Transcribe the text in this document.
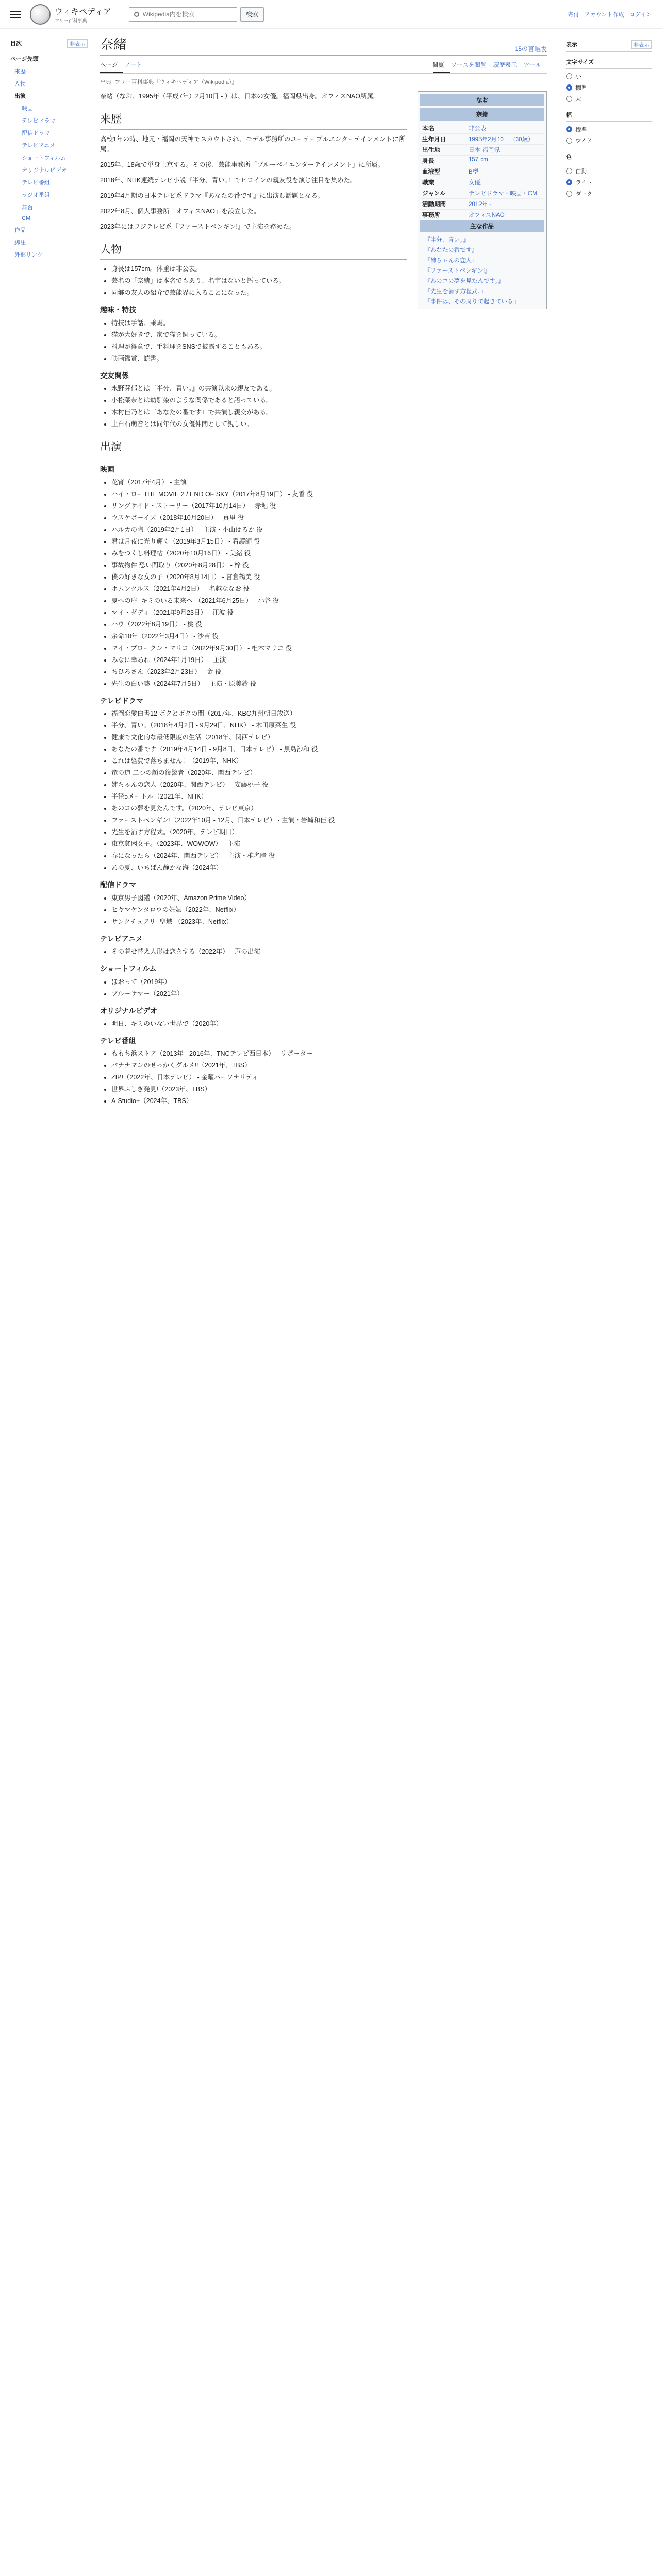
ウィキペディア
フリー百科事典
Wikipedia内を検索
検索	寄付 アカウント作成 ログイン
目次	非表示
ページ先頭
来歴
人物
出演
映画
テレビドラマ
配信ドラマ
テレビアニメ
ショートフィルム
オリジナルビデオ
テレビ番組
ラジオ番組
舞台
CM
作品
脚注
外部リンク
奈緒	15の言語版
ページ ノート	閲覧 ソースを閲覧 履歴表示 ツール
出典: フリー百科事典『ウィキペディア（Wikipedia）』

奈緒（なお、1995年（平成7年）2月10日 - ）は、日本の女優。福岡県出身。オフィスNAO所属。

来歴

高校1年の時、地元・福岡の天神でスカウトされ、モデル事務所のユーテーブルエンターテインメントに所属。

2015年、18歳で単身上京する。その後、芸能事務所「ブルーベイエンターテインメント」に所属。

2018年、NHK連続テレビ小説『半分、青い。』でヒロインの親友役を演じ注目を集めた。

2019年4月期の日本テレビ系ドラマ『あなたの番です』に出演し話題となる。

2022年8月、個人事務所「オフィスNAO」を設立した。

2023年にはフジテレビ系『ファーストペンギン!』で主演を務めた。

人物
• 身長は157cm。体重は非公表。
• 芸名の「奈緒」は本名でもあり、名字はないと語っている。
• 同郷の友人の紹介で芸能界に入ることになった。
趣味・特技
• 特技は手話、乗馬。
• 猫が大好きで、家で猫を飼っている。
• 料理が得意で、手料理をSNSで披露することもある。
• 映画鑑賞、読書。
交友関係
• 永野芽郁とは『半分、青い。』の共演以来の親友である。
• 小松菜奈とは幼馴染のような関係であると語っている。
• 木村佳乃とは『あなたの番です』で共演し親交がある。
• 上白石萌音とは同年代の女優仲間として親しい。
出演
映画
• 花宵（2017年4月） - 主演
• ハイ・ローTHE MOVIE 2 / END OF SKY（2017年8月19日） - 友香 役
• リングサイド・ストーリー（2017年10月14日） - 赤堀 役
• ウスケボーイズ（2018年10月20日） - 真里 役
• ハルカの陶（2019年2月1日） - 主演・小山はるか 役
• 君は月夜に光り輝く（2019年3月15日） - 看護師 役
• みをつくし料理帖（2020年10月16日） - 美緒 役
• 事故物件 恐い間取り（2020年8月28日） - 梓 役
• 僕の好きな女の子（2020年8月14日） - 宮倉鶴美 役
• ホムンクルス（2021年4月2日） - 名越ななお 役
• 夏への扉 -キミのいる未来へ-（2021年6月25日） - 小谷 役
• マイ・ダディ（2021年9月23日） - 江波 役
• ハウ（2022年8月19日） - 桃 役
• 余命10年（2022年3月4日） - 沙苗 役
• マイ・ブロークン・マリコ（2022年9月30日） - 椎木マリコ 役
• みなに幸あれ（2024年1月19日） - 主演
• ちひろさん（2023年2月23日） - 金 役
• 先生の白い嘘（2024年7月5日） - 主演・原美鈴 役
テレビドラマ
• 福岡恋愛白書12 ボクとボクの間（2017年、KBC九州朝日放送）
• 半分、青い。（2018年4月2日 - 9月29日、NHK） - 木田原菜生 役
• 健康で文化的な最低限度の生活（2018年、関西テレビ）
• あなたの番です（2019年4月14日 - 9月8日、日本テレビ） - 黒島沙和 役
• これは経費で落ちません！（2019年、NHK）
• 竜の道 二つの顔の復讐者（2020年、関西テレビ）
• 姉ちゃんの恋人（2020年、関西テレビ） - 安藤桃子 役
• 半径5メートル（2021年、NHK）
• あのコの夢を見たんです。（2020年、テレビ東京）
• ファーストペンギン!（2022年10月 - 12月、日本テレビ） - 主演・岩崎和佳 役
• 先生を消す方程式。（2020年、テレビ朝日）
• 東京貧困女子。（2023年、WOWOW） - 主演
• 春になったら（2024年、関西テレビ） - 主演・椎名瞳 役
• あの夏、いちばん静かな海（2024年）
配信ドラマ
• 東京男子図鑑（2020年、Amazon Prime Video）
• ヒヤマケンタロウの妊娠（2022年、Netflix）
• サンクチュアリ -聖域-（2023年、Netflix）
テレビアニメ
• その着せ替え人形は恋をする（2022年） - 声の出演
ショートフィルム
• ほおって（2019年）
• ブルーサマー（2021年）
オリジナルビデオ
• 明日、キミのいない世界で（2020年）
テレビ番組
• ももち浜ストア（2013年 - 2016年、TNCテレビ西日本） - リポーター
• バナナマンのせっかくグルメ!!（2021年、TBS）
• ZIP!（2022年、日本テレビ） - 金曜パーソナリティ
• 世界ふしぎ発見!（2023年、TBS）
• A-Studio+（2024年、TBS）
なお
奈緒
本名	非公表
生年月日	1995年2月10日（30歳）
出生地	日本 福岡県
身長	157 cm
血液型	B型
職業	女優
ジャンル	テレビドラマ・映画・CM
活動期間	2012年 -
事務所	オフィスNAO
主な作品
『半分、青い。』
『あなたの番です』
『姉ちゃんの恋人』
『ファーストペンギン!』
『あのコの夢を見たんです。』
『先生を消す方程式。』
『事件は、その周りで起きている』
表示	非表示
文字サイズ
小
標準
大
幅
標準
ワイド
色
自動
ライト
ダーク
